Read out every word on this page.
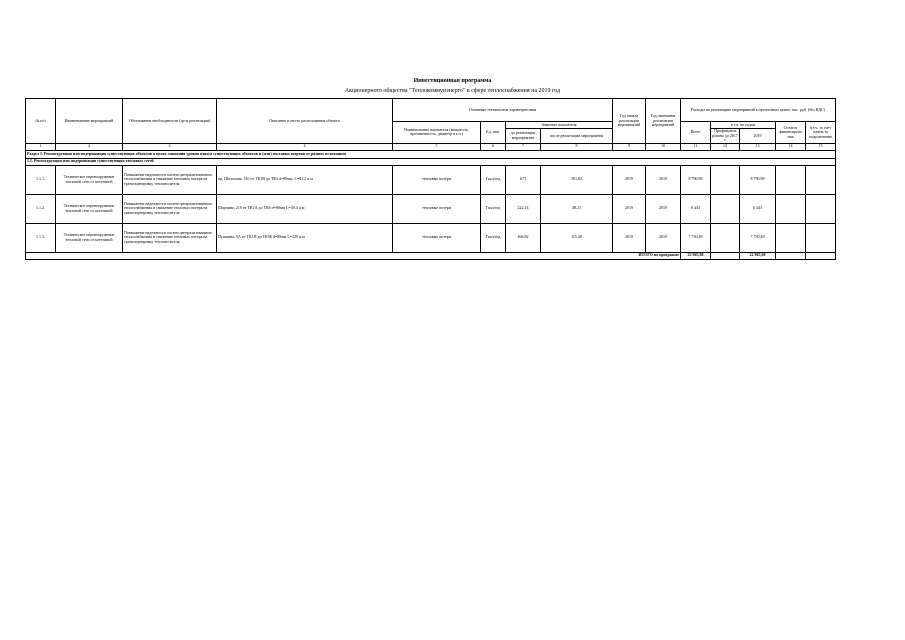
Инвестиционная программа
Акционерного общества "Теплокоммунэнерго" в сфере теплоснабжения на 2019 год
№ п/п	Наименование мероприятий	Обоснование необходимости (цель реализации)	Описание и место расположения объекта	Основные технические характеристики				Год начала реализации мероприятий	Год окончания реализации мероприятий	Расходы на реализацию мероприятий в прогнозных ценах, тыс. руб. (без НДС)				
				Наименование показателя (мощность, протяженность, диаметр и т.п.)	Ед. изм.	Значение показателя				Всего	в т.ч. по годам		Остаток финансирова ния	в т.ч. за счет платы за подключение
						до реализации мероприятия	после реализации мероприятия				Профинанси ровано до 2017 г.	2019		

1	2	3	4	5	6	7	8	9	10	11	12	13	14	15
Раздел 1. Реконструкция или модернизация существующих объектов в целях снижения уровня износа существующих объектов и (или) поставки энергии от разных источников														
1.1. Реконструкция или модернизация существующих тепловых сетей														
1.1.1.	Техническое перевооружение тепловой сети от котельной	Повышение надежности систем централизованного теплоснабжения и снижение тепловых потерь на транспортировку теплоносителя	пр. Шолохова, 310 от ТК1В до ТК3 d=89мм, L=81,2 п.м	тепловые потери	Гкал/год	673	391,82	2019	2019	8 790,99		8 790,99		
1.1.2.	Техническое перевооружение тепловой сети от котельной	Повышение надежности систем централизованного теплоснабжения и снижение тепловых потерь на транспортировку теплоносителя	Шаумяна, 210 от ТК1А до ТК6 d=80мм L=39,4 п.м	тепловые потери	Гкал/год	222,14	48,21	2019	2019	6 443		6 443		
1.1.3.	Техническое перевооружение тепловой сети от котельной	Повышение надежности систем централизованного теплоснабжения и снижение тепловых потерь на транспортировку теплоносителя	Пушкина, 5А от ТК1П до ТК9Б d=89мм L=129 п.м	тепловые потери	Гкал/год	466,82	115,40	2019	2019	7 730,49		7 730,49		
ИТОГО по программе										22 965,08		22 965,08		
